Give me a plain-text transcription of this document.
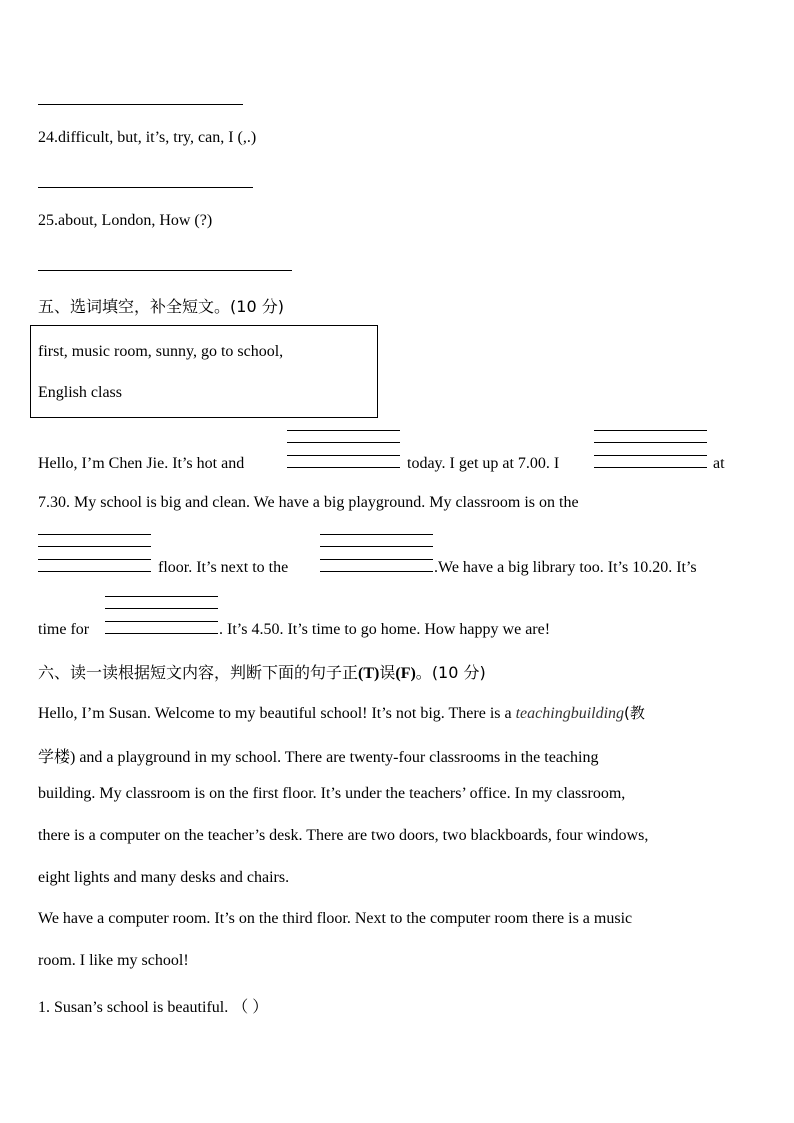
24.difficult, but, it’s, try, can, I (,.)
25.about, London, How (?)
五、选词填空，补全短文。(10 分)
first, music room, sunny, go to school,
English class
Hello, I’m Chen Jie. It’s hot and	today. I get up at 7.00. I	at
7.30. My school is big and clean. We have a big playground. My classroom is on the
floor. It’s next to the	.We have a big library too. It’s 10.20. It’s
time for	. It’s 4.50. It’s time to go home. How happy we are!
六、读一读根据短文内容，判断下面的句子正(T)误(F)。(10 分)
Hello, I’m Susan. Welcome to my beautiful school! It’s not big. There is a teachingbuilding(教
学楼) and a playground in my school. There are twenty-four classrooms in the teaching
building. My classroom is on the first floor. It’s under the teachers’ office. In my classroom,
there is a computer on the teacher’s desk. There are two doors, two blackboards, four windows,
eight lights and many desks and chairs.
We have a computer room. It’s on the third floor. Next to the computer room there is a music
room. I like my school!
1. Susan’s school is beautiful. （ ）
